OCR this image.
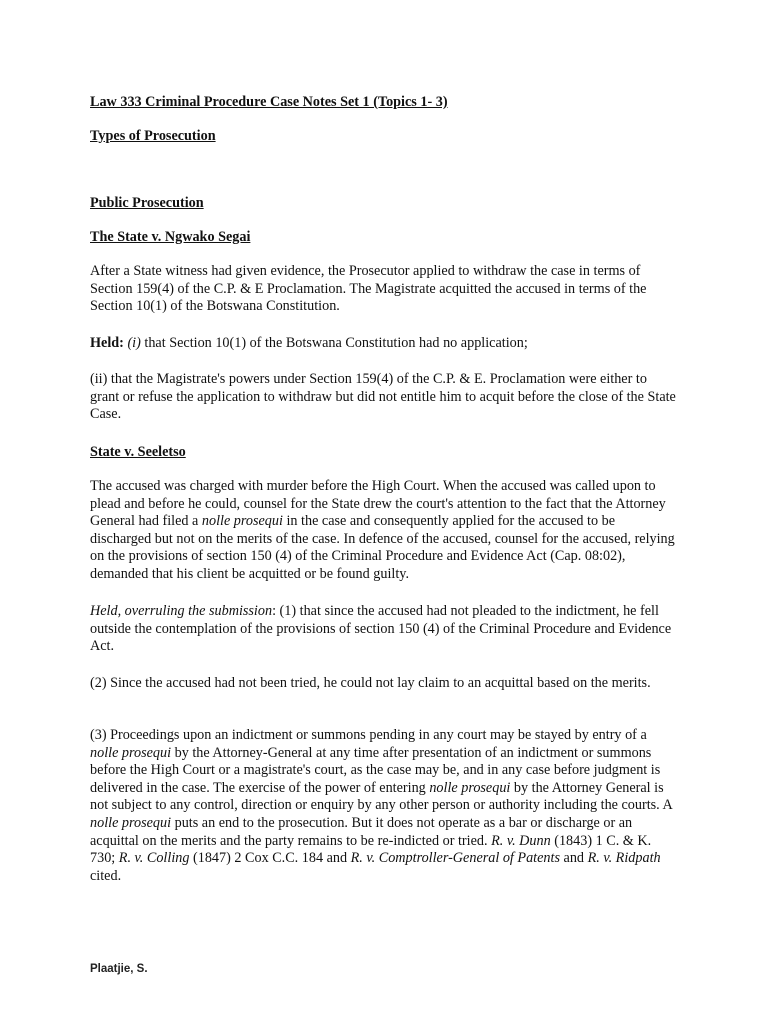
Law 333 Criminal Procedure Case Notes Set 1 (Topics 1- 3)

Types of Prosecution

Public Prosecution

The State v. Ngwako Segai

After a State witness had given evidence, the Prosecutor applied to withdraw the case in terms of Section 159(4) of the C.P. & E Proclamation. The Magistrate acquitted the accused in terms of the Section 10(1) of the Botswana Constitution.

Held: (i) that Section 10(1) of the Botswana Constitution had no application;

(ii) that the Magistrate's powers under Section 159(4) of the C.P. & E. Proclamation were either to grant or refuse the application to withdraw but did not entitle him to acquit before the close of the State Case.

State v. Seeletso

The accused was charged with murder before the High Court. When the accused was called upon to plead and before he could, counsel for the State drew the court's attention to the fact that the Attorney General had filed a nolle prosequi in the case and consequently applied for the accused to be discharged but not on the merits of the case. In defence of the accused, counsel for the accused, relying on the provisions of section 150 (4) of the Criminal Procedure and Evidence Act (Cap. 08:02), demanded that his client be acquitted or be found guilty.

Held, overruling the submission: (1) that since the accused had not pleaded to the indictment, he fell outside the contemplation of the provisions of section 150 (4) of the Criminal Procedure and Evidence Act.

(2) Since the accused had not been tried, he could not lay claim to an acquittal based on the merits.

(3) Proceedings upon an indictment or summons pending in any court may be stayed by entry of a nolle prosequi by the Attorney-General at any time after presentation of an indictment or summons before the High Court or a magistrate's court, as the case may be, and in any case before judgment is delivered in the case. The exercise of the power of entering nolle prosequi by the Attorney General is not subject to any control, direction or enquiry by any other person or authority including the courts. A nolle prosequi puts an end to the prosecution. But it does not operate as a bar or discharge or an acquittal on the merits and the party remains to be re-indicted or tried. R. v. Dunn (1843) 1 C. & K. 730; R. v. Colling (1847) 2 Cox C.C. 184 and R. v. Comptroller-General of Patents and R. v. Ridpath cited.

Plaatjie, S.
